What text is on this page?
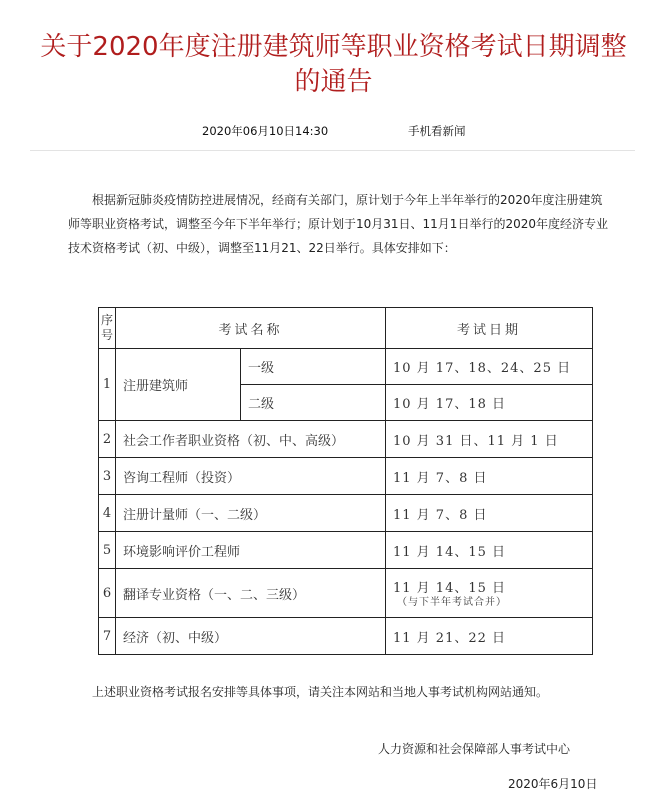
关于2020年度注册建筑师等职业资格考试日期调整的通告
2020年06月10日14:30	手机看新闻

根据新冠肺炎疫情防控进展情况，经商有关部门，原计划于今年上半年举行的2020年度注册建筑师等职业资格考试，调整至今年下半年举行；原计划于10月31日、11月1日举行的2020年度经济专业技术资格考试（初、中级），调整至11月21、22日举行。具体安排如下：

序号	考试名称		考试日期
1	注册建筑师	一级	10 月 17、18、24、25 日
		二级	10 月 17、18 日
2	社会工作者职业资格（初、中、高级）		10 月 31 日、11 月 1 日
3	咨询工程师（投资）		11 月 7、8 日
4	注册计量师（一、二级）		11 月 7、8 日
5	环境影响评价工程师		11 月 14、15 日
6	翻译专业资格（一、二、三级）		11 月 14、15 日
（与下半年考试合并）

7	经济（初、中级）		11 月 21、22 日

上述职业资格考试报名安排等具体事项，请关注本网站和当地人事考试机构网站通知。

人力资源和社会保障部人事考试中心
2020年6月10日
